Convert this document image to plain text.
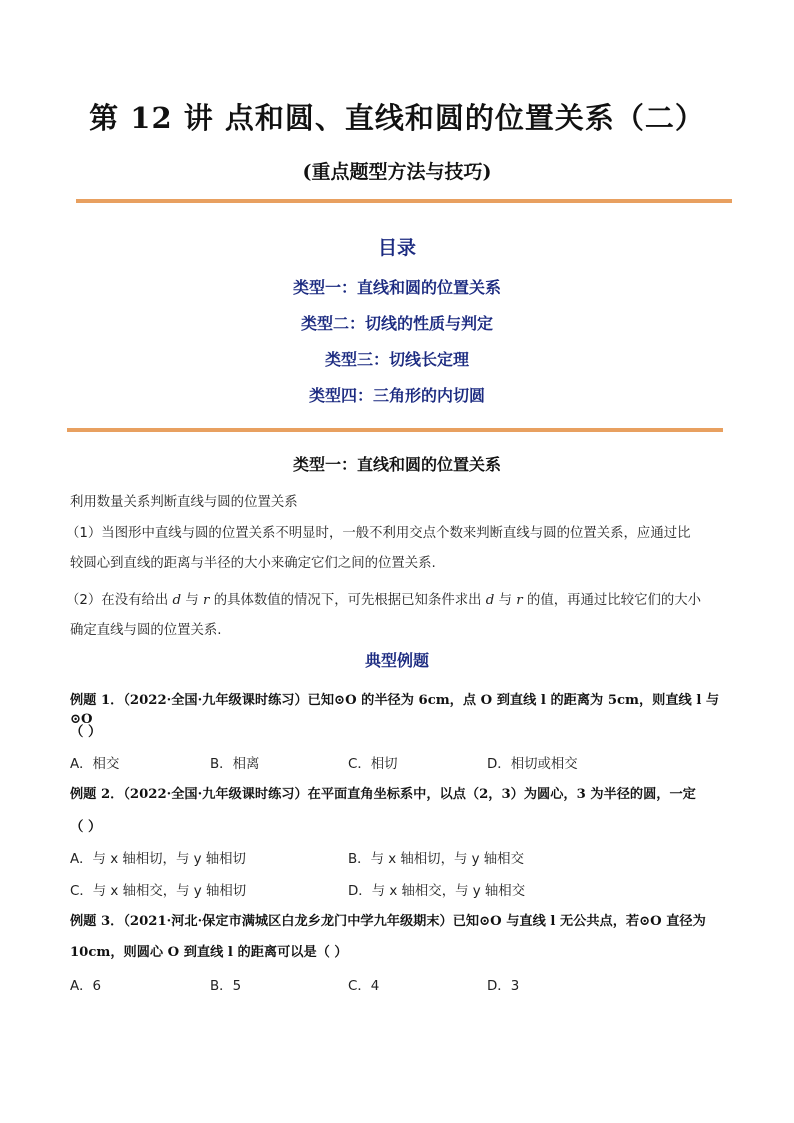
第 12 讲 点和圆、直线和圆的位置关系（二）
(重点题型方法与技巧)
目录
类型一：直线和圆的位置关系
类型二：切线的性质与判定
类型三：切线长定理
类型四：三角形的内切圆
类型一：直线和圆的位置关系
利用数量关系判断直线与圆的位置关系
（1）当图形中直线与圆的位置关系不明显时，一般不利用交点个数来判断直线与圆的位置关系，应通过比
较圆心到直线的距离与半径的大小来确定它们之间的位置关系.
（2）在没有给出 d 与 r 的具体数值的情况下，可先根据已知条件求出 d 与 r 的值，再通过比较它们的大小
确定直线与圆的位置关系.
典型例题
例题 1．（2022·全国·九年级课时练习）已知⊙O 的半径为 6cm，点 O 到直线 l 的距离为 5cm，则直线 l 与⊙O
（ ）
A．相交	B．相离	C．相切	D．相切或相交
例题 2．（2022·全国·九年级课时练习）在平面直角坐标系中，以点（2，3）为圆心，3 为半径的圆，一定
（ ）
A．与 x 轴相切，与 y 轴相切	B．与 x 轴相切，与 y 轴相交
C．与 x 轴相交，与 y 轴相切	D．与 x 轴相交，与 y 轴相交
例题 3．（2021·河北·保定市满城区白龙乡龙门中学九年级期末）已知⊙O 与直线 l 无公共点，若⊙O 直径为
10cm，则圆心 O 到直线 l 的距离可以是（ ）
A．6	B．5	C．4	D．3
